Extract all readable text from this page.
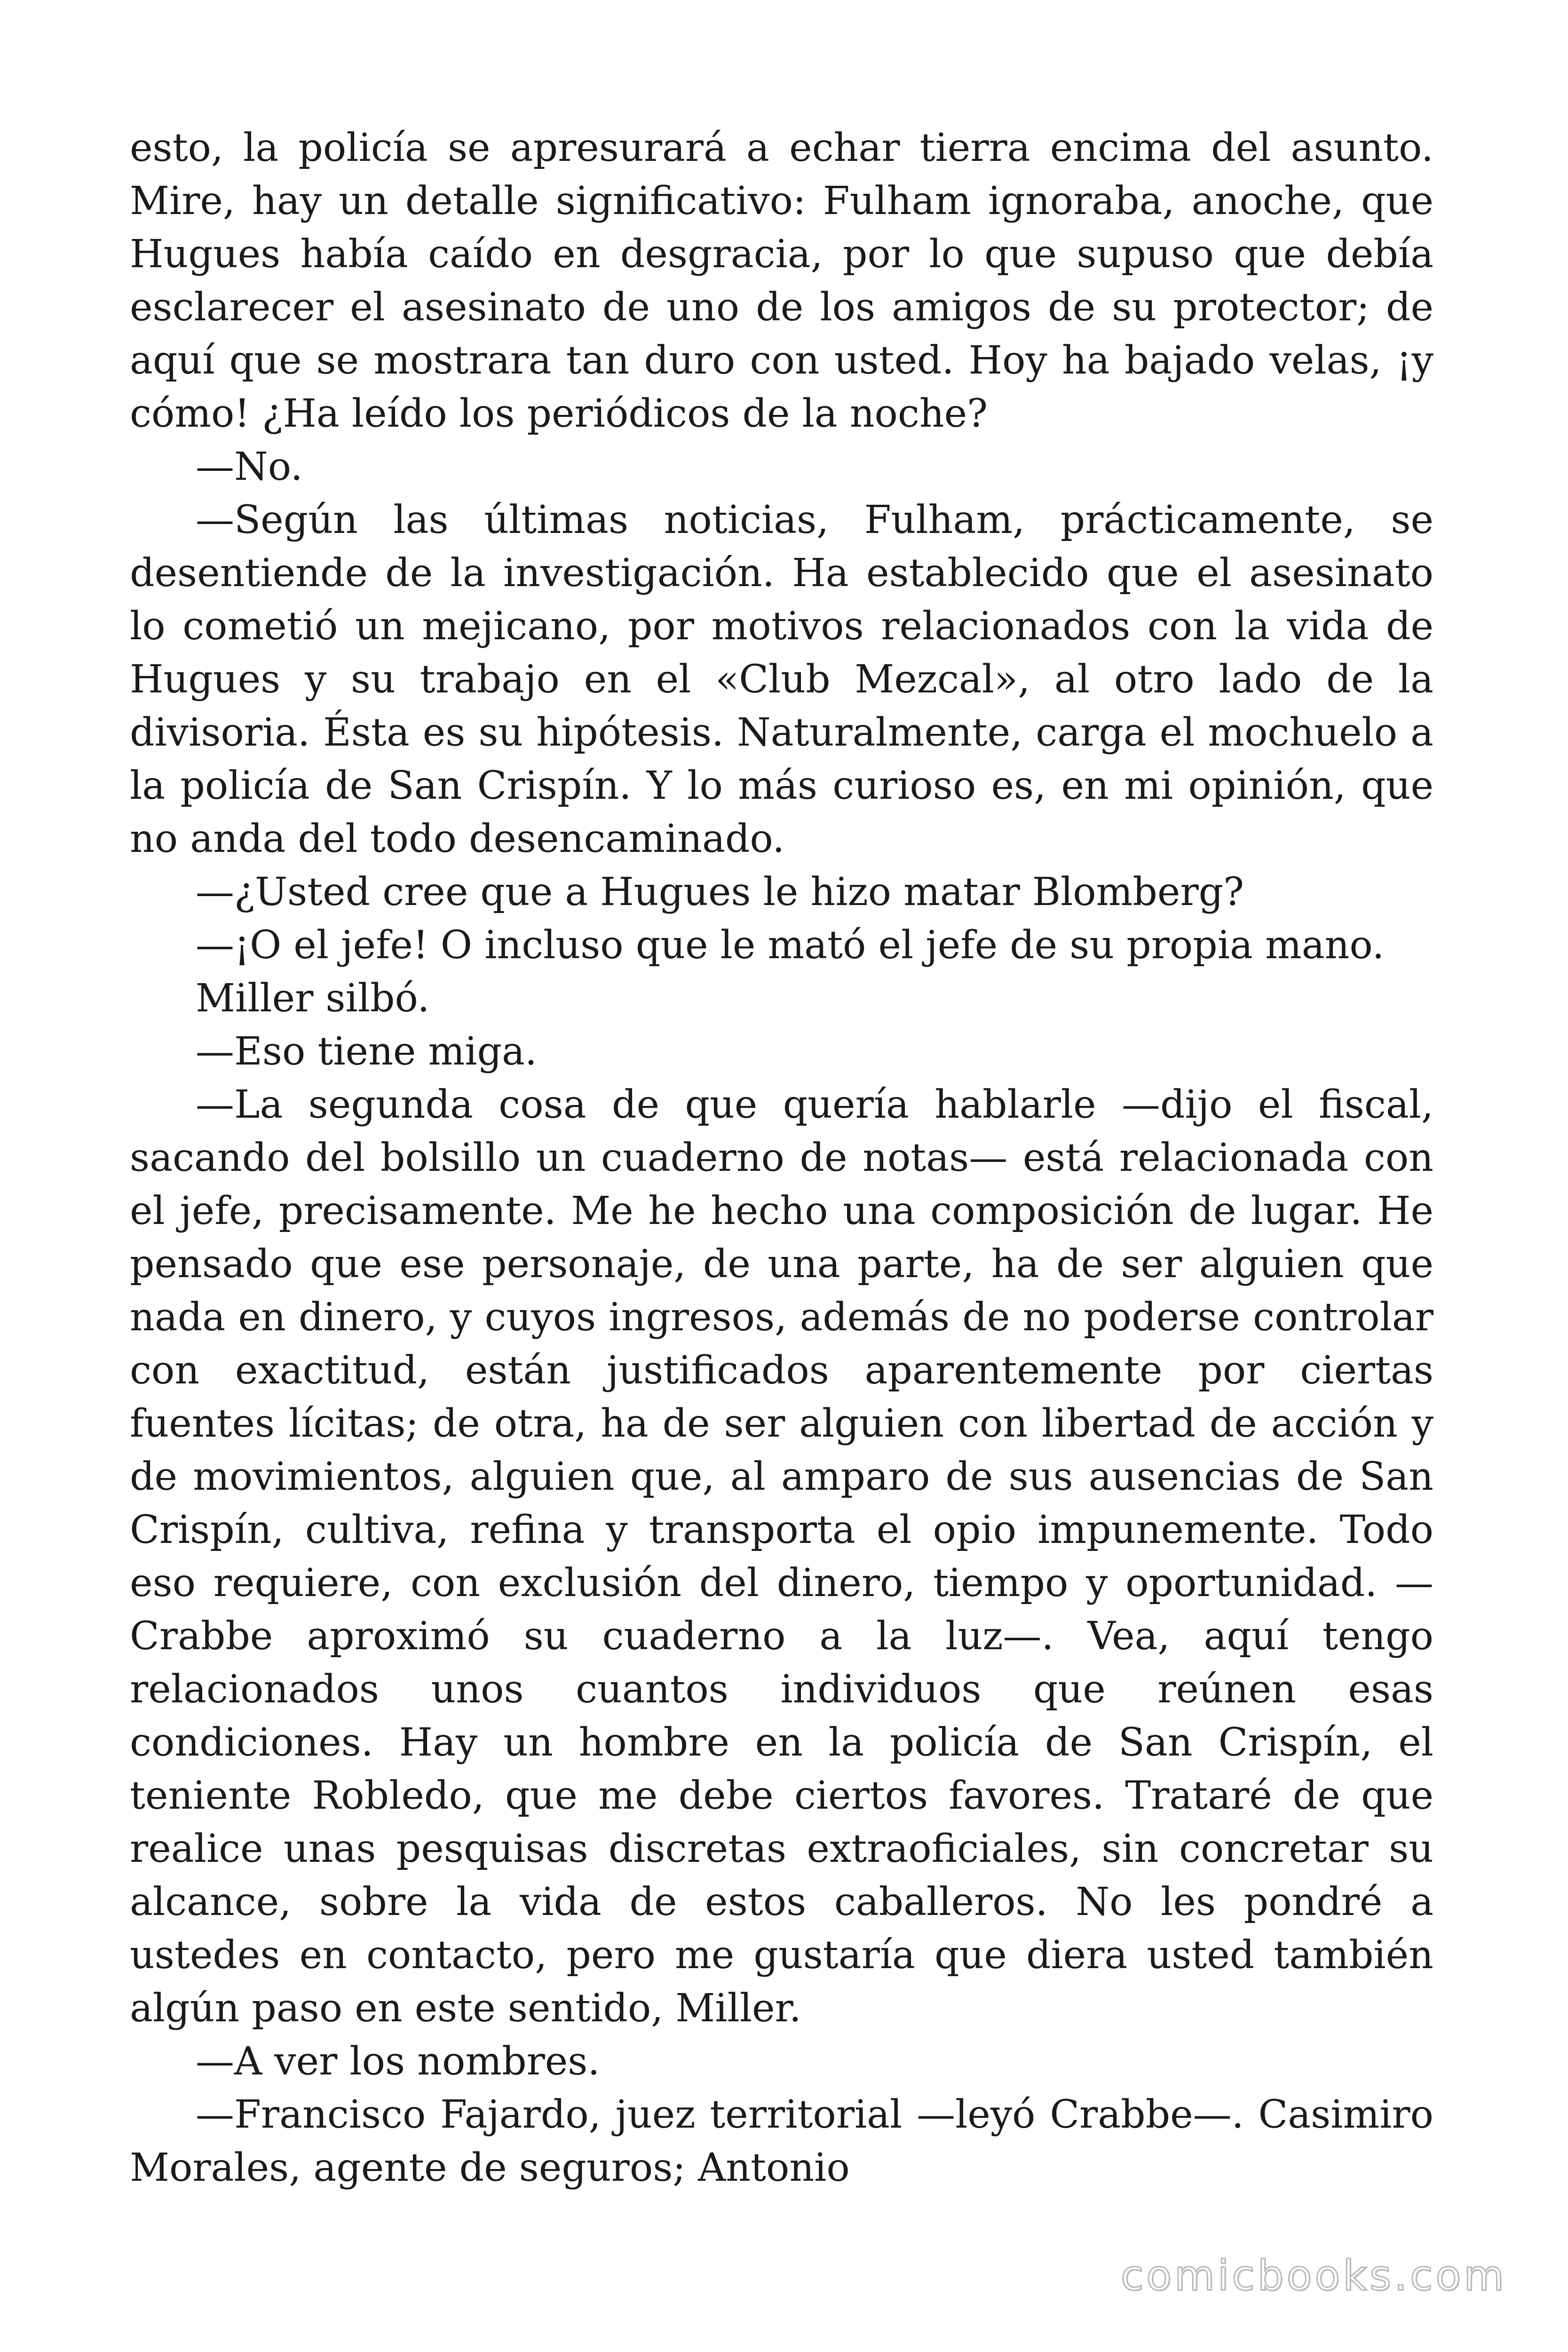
esto, la policía se apresurará a echar tierra encima del asunto. Mire, hay un detalle significativo: Fulham ignoraba, anoche, que Hugues había caído en desgracia, por lo que supuso que debía esclarecer el asesinato de uno de los amigos de su protector; de aquí que se mostrara tan duro con usted. Hoy ha bajado velas, ¡y cómo! ¿Ha leído los periódicos de la noche?

—No.

—Según las últimas noticias, Fulham, prácticamente, se desentiende de la investigación. Ha establecido que el asesinato lo cometió un mejicano, por motivos relacionados con la vida de Hugues y su trabajo en el «Club Mezcal», al otro lado de la divisoria. Ésta es su hipótesis. Naturalmente, carga el mochuelo a la policía de San Crispín. Y lo más curioso es, en mi opinión, que no anda del todo desencaminado.

—¿Usted cree que a Hugues le hizo matar Blomberg?

—¡O el jefe! O incluso que le mató el jefe de su propia mano.

Miller silbó.

—Eso tiene miga.

—La segunda cosa de que quería hablarle —dijo el fiscal, sacando del bolsillo un cuaderno de notas— está relacionada con el jefe, precisamente. Me he hecho una composición de lugar. He pensado que ese personaje, de una parte, ha de ser alguien que nada en dinero, y cuyos ingresos, además de no poderse controlar con exactitud, están justificados aparentemente por ciertas fuentes lícitas; de otra, ha de ser alguien con libertad de acción y de movimientos, alguien que, al amparo de sus ausencias de San Crispín, cultiva, refina y transporta el opio impunemente. Todo eso requiere, con exclusión del dinero, tiempo y oportunidad. —Crabbe aproximó su cuaderno a la luz—. Vea, aquí tengo relacionados unos cuantos individuos que reúnen esas condiciones. Hay un hombre en la policía de San Crispín, el teniente Robledo, que me debe ciertos favores. Trataré de que realice unas pesquisas discretas extraoficiales, sin concretar su alcance, sobre la vida de estos caballeros. No les pondré a ustedes en contacto, pero me gustaría que diera usted también algún paso en este sentido, Miller.

—A ver los nombres.

—Francisco Fajardo, juez territorial —leyó Crabbe—. Casimiro Morales, agente de seguros; Antonio

comicbooks.com
